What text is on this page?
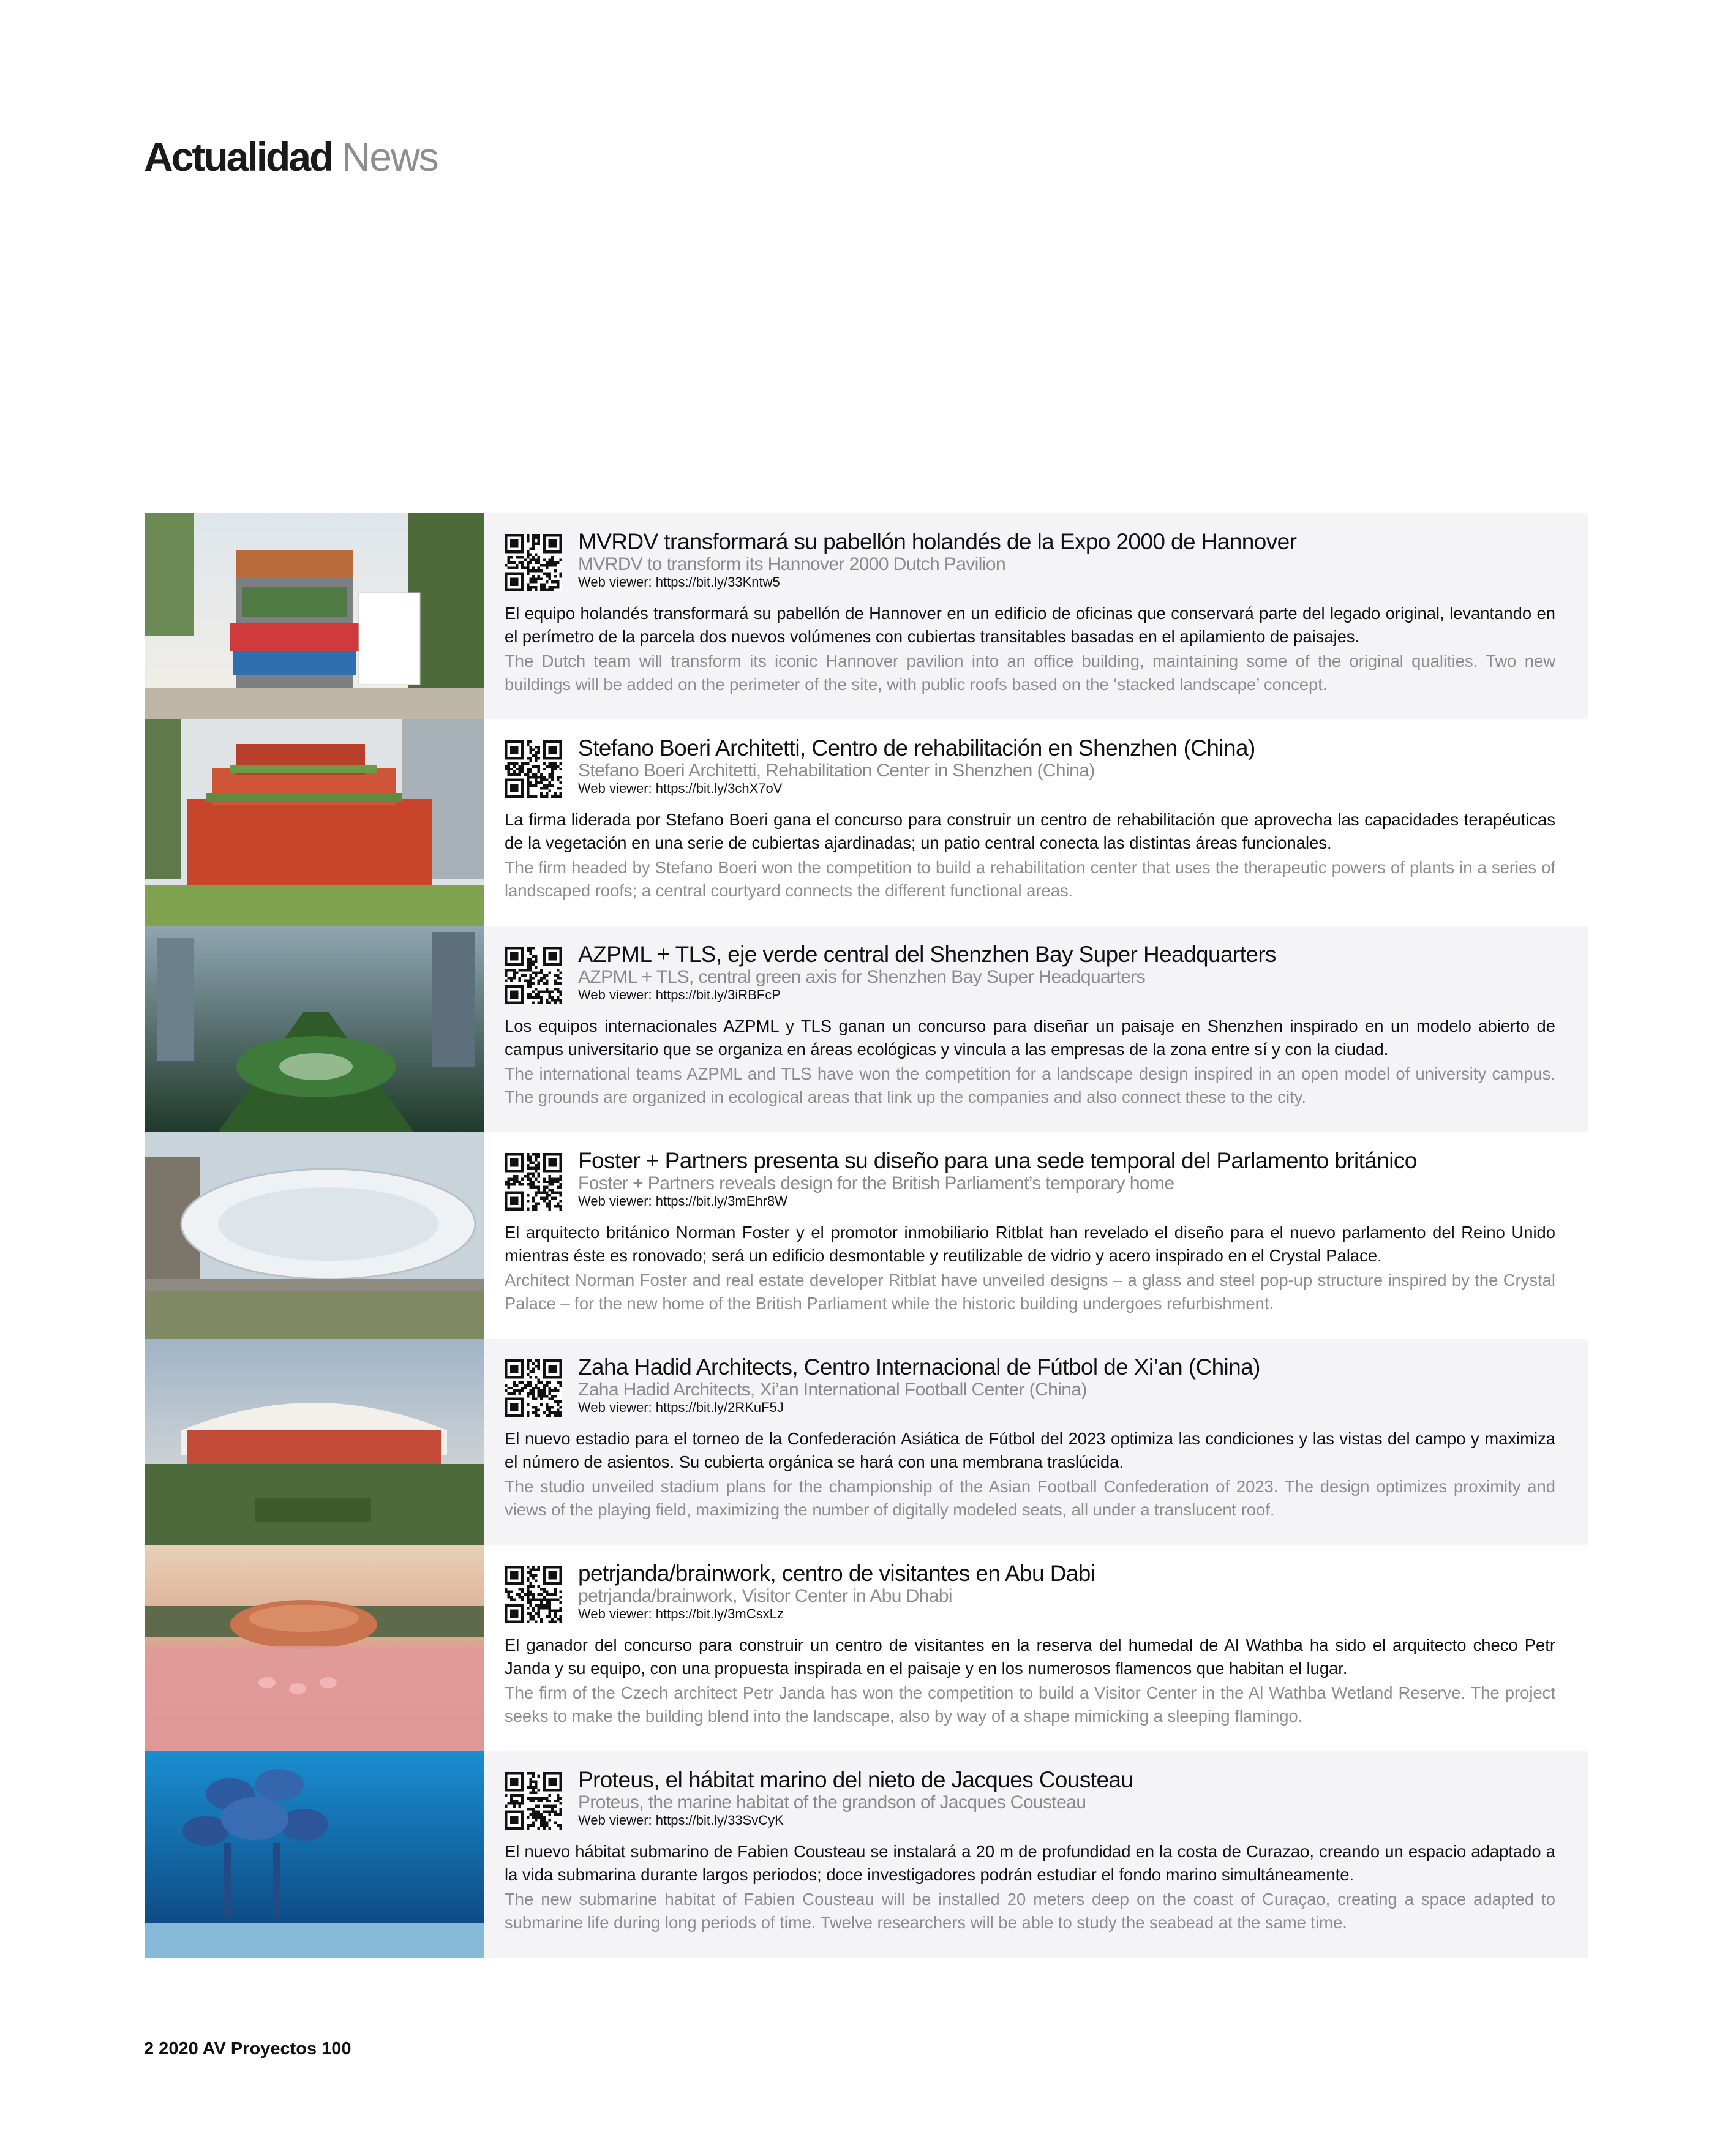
Actualidad News
MVRDV transformará su pabellón holandés de la Expo 2000 de Hannover
MVRDV to transform its Hannover 2000 Dutch Pavilion
Web viewer: https://bit.ly/33Kntw5

El equipo holandés transformará su pabellón de Hannover en un edificio de oficinas que conservará parte del legado original, levantando en el perímetro de la parcela dos nuevos volúmenes con cubiertas transitables basadas en el apilamiento de paisajes.

The Dutch team will transform its iconic Hannover pavilion into an office building, maintaining some of the original qualities. Two new buildings will be added on the perimeter of the site, with public roofs based on the ‘stacked landscape’ concept.

Stefano Boeri Architetti, Centro de rehabilitación en Shenzhen (China)
Stefano Boeri Architetti, Rehabilitation Center in Shenzhen (China)
Web viewer: https://bit.ly/3chX7oV

La firma liderada por Stefano Boeri gana el concurso para construir un centro de rehabilitación que aprovecha las capacidades terapéuticas de la vegetación en una serie de cubiertas ajardinadas; un patio central conecta las distintas áreas funcionales.

The firm headed by Stefano Boeri won the competition to build a rehabilitation center that uses the therapeutic powers of plants in a series of landscaped roofs; a central courtyard connects the different functional areas.

AZPML + TLS, eje verde central del Shenzhen Bay Super Headquarters
AZPML + TLS, central green axis for Shenzhen Bay Super Headquarters
Web viewer: https://bit.ly/3iRBFcP

Los equipos internacionales AZPML y TLS ganan un concurso para diseñar un paisaje en Shenzhen inspirado en un modelo abierto de campus universitario que se organiza en áreas ecológicas y vincula a las empresas de la zona entre sí y con la ciudad.

The international teams AZPML and TLS have won the competition for a landscape design inspired in an open model of university campus. The grounds are organized in ecological areas that link up the companies and also connect these to the city.

Foster + Partners presenta su diseño para una sede temporal del Parlamento británico
Foster + Partners reveals design for the British Parliament’s temporary home
Web viewer: https://bit.ly/3mEhr8W

El arquitecto británico Norman Foster y el promotor inmobiliario Ritblat han revelado el diseño para el nuevo parlamento del Reino Unido mientras éste es ronovado; será un edificio desmontable y reutilizable de vidrio y acero inspirado en el Crystal Palace.

Architect Norman Foster and real estate developer Ritblat have unveiled designs – a glass and steel pop-up structure inspired by the Crystal Palace – for the new home of the British Parliament while the historic building undergoes refurbishment.

Zaha Hadid Architects, Centro Internacional de Fútbol de Xi’an (China)
Zaha Hadid Architects, Xi’an International Football Center (China)
Web viewer: https://bit.ly/2RKuF5J

El nuevo estadio para el torneo de la Confederación Asiática de Fútbol del 2023 optimiza las condiciones y las vistas del campo y maximiza el número de asientos. Su cubierta orgánica se hará con una membrana traslúcida.

The studio unveiled stadium plans for the championship of the Asian Football Confederation of 2023. The design optimizes proximity and views of the playing field, maximizing the number of digitally modeled seats, all under a translucent roof.

petrjanda/brainwork, centro de visitantes en Abu Dabi
petrjanda/brainwork, Visitor Center in Abu Dhabi
Web viewer: https://bit.ly/3mCsxLz

El ganador del concurso para construir un centro de visitantes en la reserva del humedal de Al Wathba ha sido el arquitecto checo Petr Janda y su equipo, con una propuesta inspirada en el paisaje y en los numerosos flamencos que habitan el lugar.

The firm of the Czech architect Petr Janda has won the competition to build a Visitor Center in the Al Wathba Wetland Reserve. The project seeks to make the building blend into the landscape, also by way of a shape mimicking a sleeping flamingo.

Proteus, el hábitat marino del nieto de Jacques Cousteau
Proteus, the marine habitat of the grandson of Jacques Cousteau
Web viewer: https://bit.ly/33SvCyK

El nuevo hábitat submarino de Fabien Cousteau se instalará a 20 m de profundidad en la costa de Curazao, creando un espacio adaptado a la vida submarina durante largos periodos; doce investigadores podrán estudiar el fondo marino simultáneamente.

The new submarine habitat of Fabien Cousteau will be installed 20 meters deep on the coast of Curaçao, creating a space adapted to submarine life during long periods of time. Twelve researchers will be able to study the seabead at the same time.

2 2020 AV Proyectos 100
